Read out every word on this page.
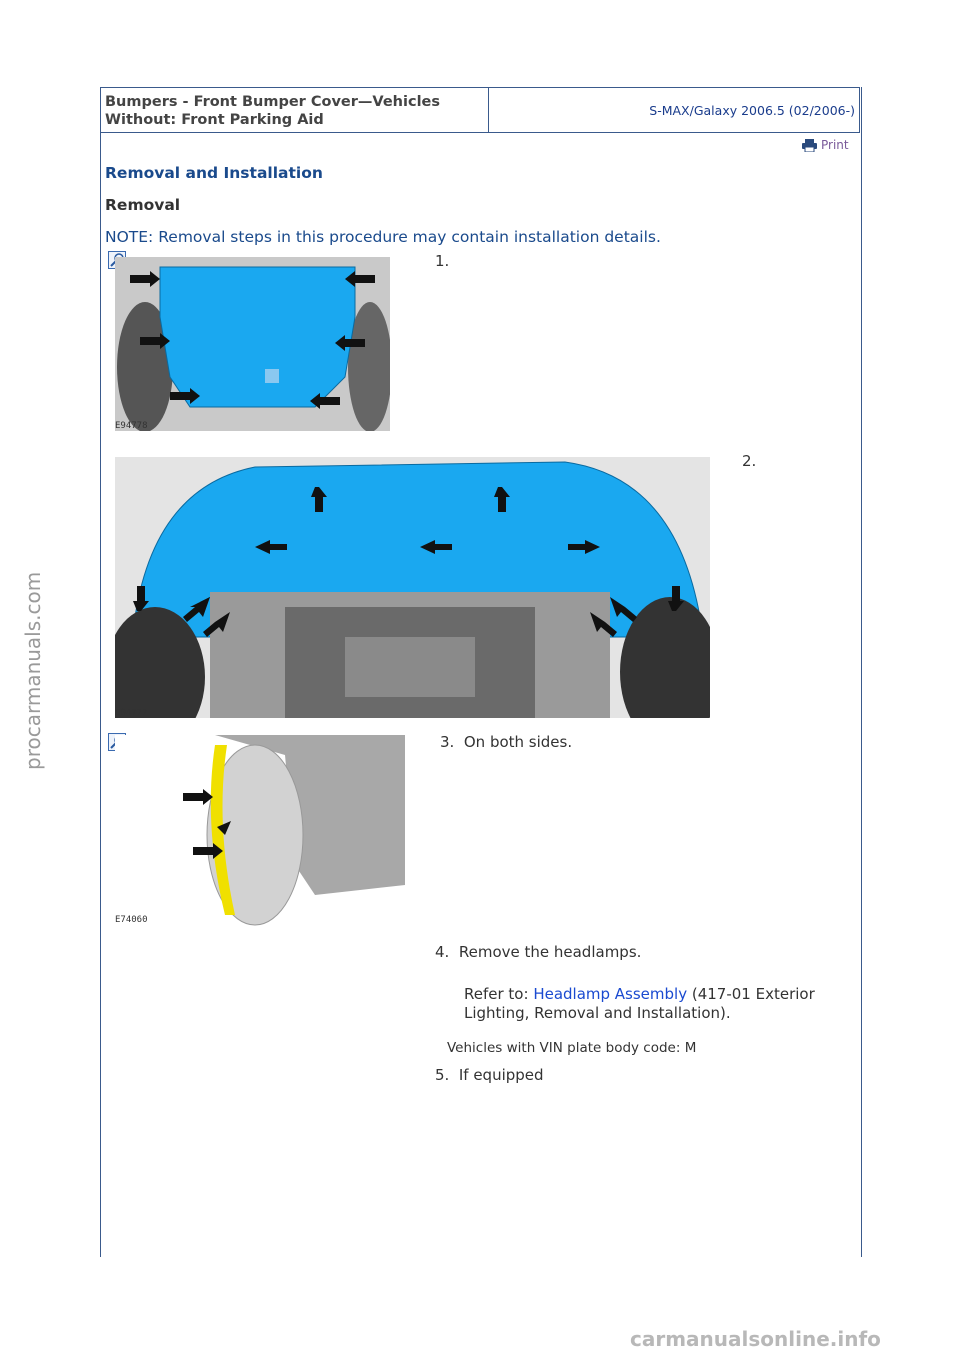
Bumpers - Front Bumper Cover—Vehicles
Without: Front Parking Aid
S-MAX/Galaxy 2006.5 (02/2006-)
Print
Removal and Installation
Removal
NOTE: Removal steps in this procedure may contain installation details.
E94778
1.
E94777
2.
E74060
3. On both sides.
4. Remove the headlamps.
Refer to: Headlamp Assembly (417-01 Exterior
Lighting, Removal and Installation).
Vehicles with VIN plate body code: M
5. If equipped
procarmanuals.com
carmanualsonline.info
